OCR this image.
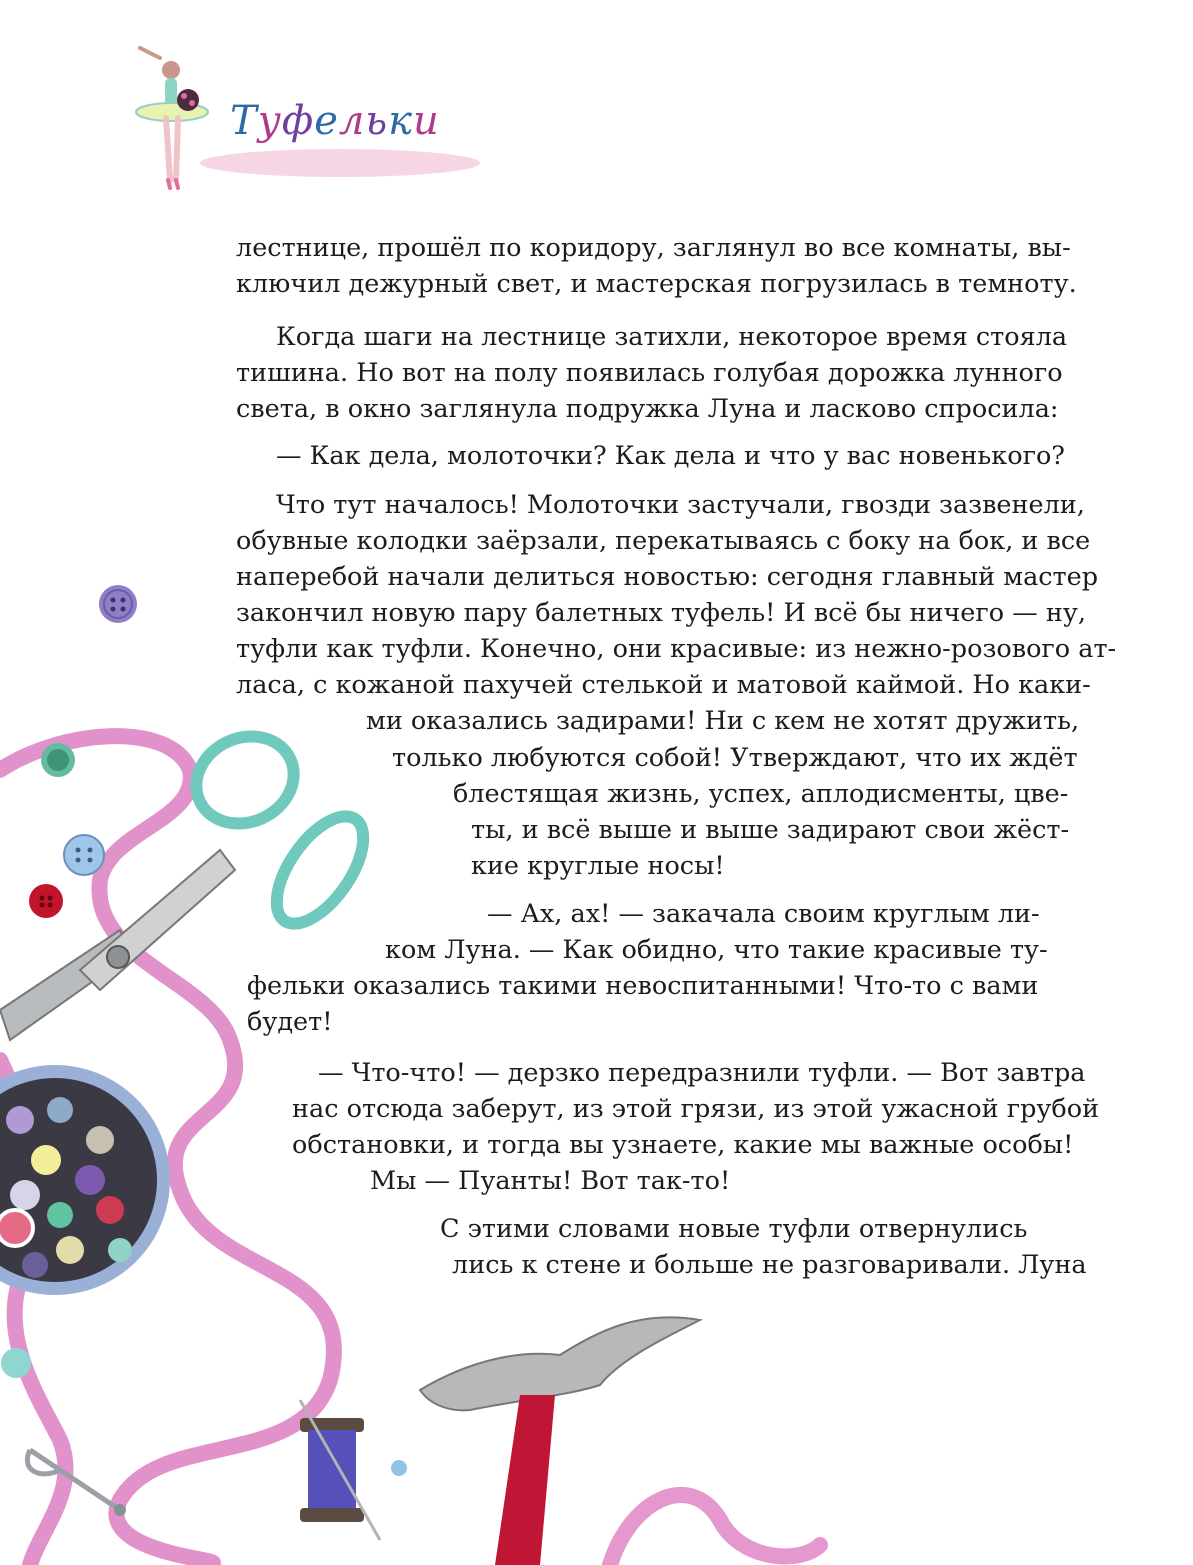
Туфельки
лестнице, прошёл по коридору, заглянул во все комнаты, вы-
ключил дежурный свет, и мастерская погрузилась в темноту.
Когда шаги на лестнице затихли, некоторое время стояла
тишина. Но вот на полу появилась голубая дорожка лунного
света, в окно заглянула подружка Луна и ласково спросила:
— Как дела, молоточки? Как дела и что у вас новенького?
Что тут началось! Молоточки застучали, гвозди зазвенели,
обувные колодки заёрзали, перекатываясь с боку на бок, и все
наперебой начали делиться новостью: сегодня главный мастер
закончил новую пару балетных туфель! И всё бы ничего — ну,
туфли как туфли. Конечно, они красивые: из нежно-розового ат-
ласа, с кожаной пахучей стелькой и матовой каймой. Но каки-
ми оказались задирами! Ни с кем не хотят дружить,
только любуются собой! Утверждают, что их ждёт
блестящая жизнь, успех, аплодисменты, цве-
ты, и всё выше и выше задирают свои жёст-
кие круглые носы!
— Ах, ах! — закачала своим круглым ли-
ком Луна. — Как обидно, что такие красивые ту-
фельки оказались такими невоспитанными! Что-то с вами
будет!
— Что-что! — дерзко передразнили туфли. — Вот завтра
нас отсюда заберут, из этой грязи, из этой ужасной грубой
обстановки, и тогда вы узнаете, какие мы важные особы!
Мы — Пуанты! Вот так-то!
С этими словами новые туфли отвернулись
лись к стене и больше не разговаривали. Луна
